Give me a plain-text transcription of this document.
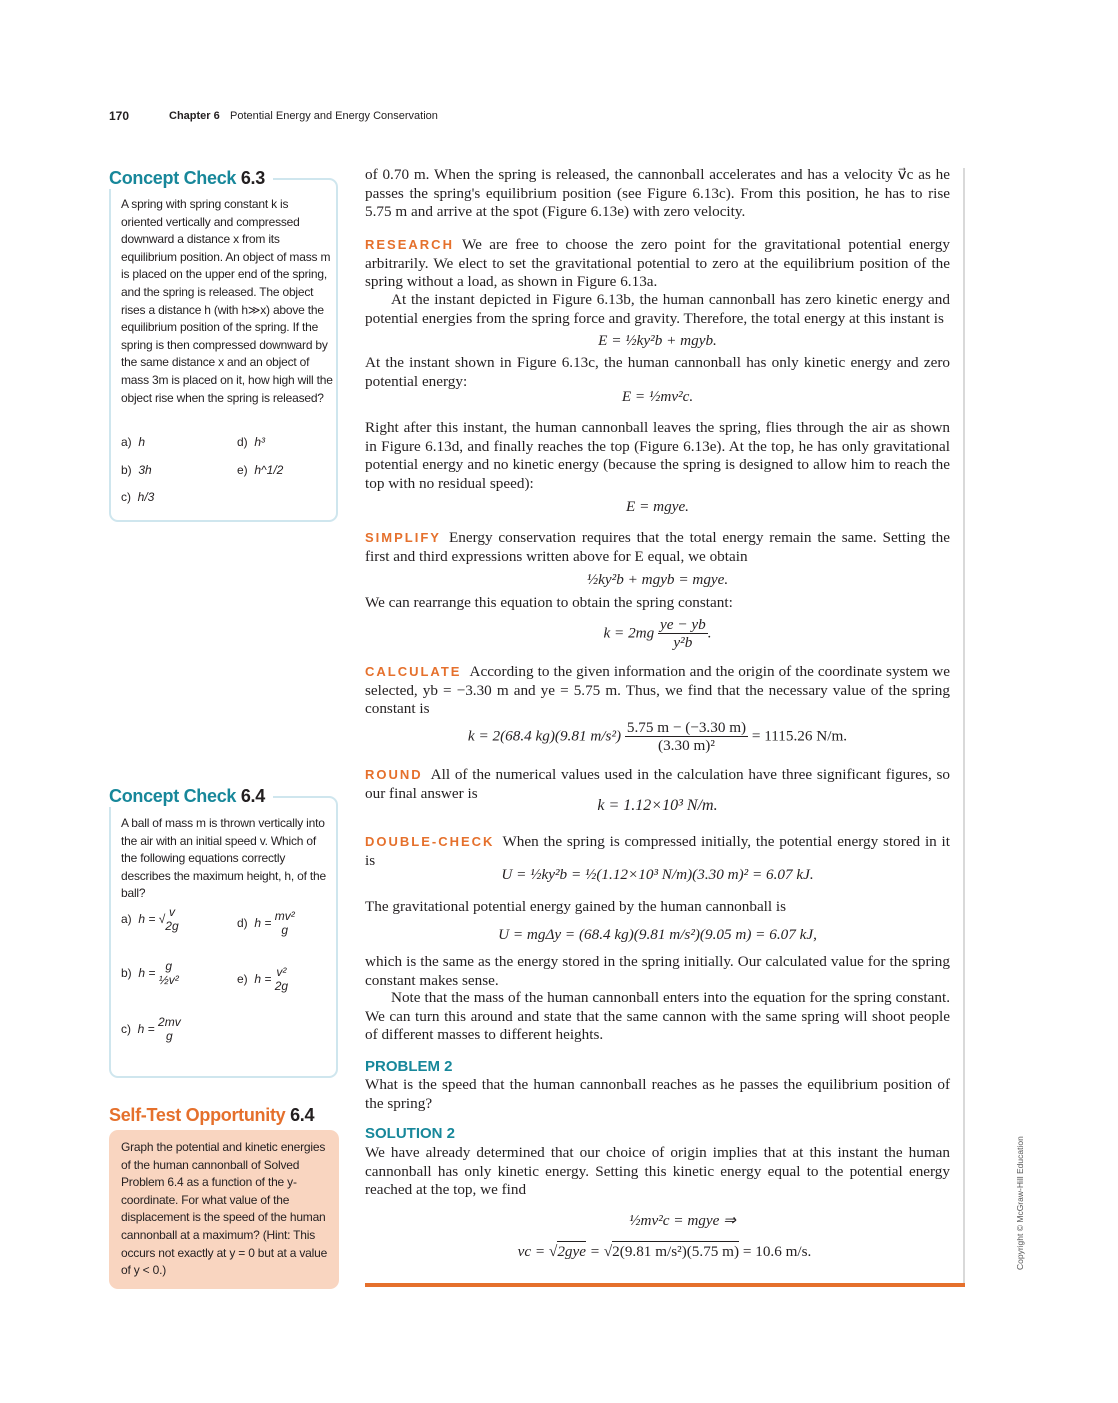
170	Chapter 6 Potential Energy and Energy Conservation
Concept Check 6.3
A spring with spring constant k is oriented vertically and compressed downward a distance x from its equilibrium position. An object of mass m is placed on the upper end of the spring, and the spring is released. The object rises a distance h (with h≫x) above the equilibrium position of the spring. If the spring is then compressed downward by the same distance x and an object of mass 3m is placed on it, how high will the object rise when the spring is released?
a) h
b) 3h
c) h/3
d) h³
e) h^1/2
Concept Check 6.4
A ball of mass m is thrown vertically into the air with an initial speed v. Which of the following equations correctly describes the maximum height, h, of the ball?
a) h = √ v
2g
b) h = g
½v²
c) h = 2mv
g
d) h = mv²
g
e) h = v²
2g
Self-Test Opportunity 6.4
Graph the potential and kinetic energies of the human cannonball of Solved Problem 6.4 as a function of the y-coordinate. For what value of the displacement is the speed of the human cannonball at a maximum? (Hint: This occurs not exactly at y = 0 but at a value of y < 0.)
of 0.70 m. When the spring is released, the cannonball accelerates and has a velocity v⃗c as he passes the spring's equilibrium position (see Figure 6.13c). From this position, he has to rise 5.75 m and arrive at the spot (Figure 6.13e) with zero velocity.
RESEARCH We are free to choose the zero point for the gravitational potential energy arbitrarily. We elect to set the gravitational potential to zero at the equilibrium position of the spring without a load, as shown in Figure 6.13a.
At the instant depicted in Figure 6.13b, the human cannonball has zero kinetic energy and potential energies from the spring force and gravity. Therefore, the total energy at this instant is
E = ½ky²b + mgyb.
At the instant shown in Figure 6.13c, the human cannonball has only kinetic energy and zero potential energy:
E = ½mv²c.
Right after this instant, the human cannonball leaves the spring, flies through the air as shown in Figure 6.13d, and finally reaches the top (Figure 6.13e). At the top, he has only gravitational potential energy and no kinetic energy (because the spring is designed to allow him to reach the top with no residual speed):
E = mgye.
SIMPLIFY Energy conservation requires that the total energy remain the same. Setting the first and third expressions written above for E equal, we obtain
½ky²b + mgyb = mgye.
We can rearrange this equation to obtain the spring constant:
$k = 2mg \frac{ye - yb}{\text{y²b}}$ .
CALCULATE According to the given information and the origin of the coordinate system we selected, yb = −3.30 m and ye = 5.75 m. Thus, we find that the necessary value of the spring constant is
k = 2(68.4 kg)(9.81 $m/s^2) \frac{5.75 m - (-3.30 m)}{\text{(3.30 m)²}} = 1115.26$ N/m.
ROUND All of the numerical values used in the calculation have three significant figures, so our final answer is
k = 1.12×10³ N/m.
DOUBLE-CHECK When the spring is compressed initially, the potential energy stored in it is
U = ½ky²b = ½(1.12×10³ N/m)(3.30 m)² = 6.07 kJ.
The gravitational potential energy gained by the human cannonball is
U = mgΔy = (68.4 kg)(9.81 m/s²)(9.05 m) = 6.07 kJ,
which is the same as the energy stored in the spring initially. Our calculated value for the spring constant makes sense.
Note that the mass of the human cannonball enters into the equation for the spring constant. We can turn this around and state that the same cannon with the same spring will shoot people of different masses to different heights.
PROBLEM 2
What is the speed that the human cannonball reaches as he passes the equilibrium position of the spring?
SOLUTION 2
We have already determined that our choice of origin implies that at this instant the human cannonball has only kinetic energy. Setting this kinetic energy equal to the potential energy reached at the top, we find
½mv²c = mgye ⇒
vc = √2gye = √2(9.81 m/s²)(5.75 m) = 10.6 m/s.	Copyright © McGraw-Hill Education
